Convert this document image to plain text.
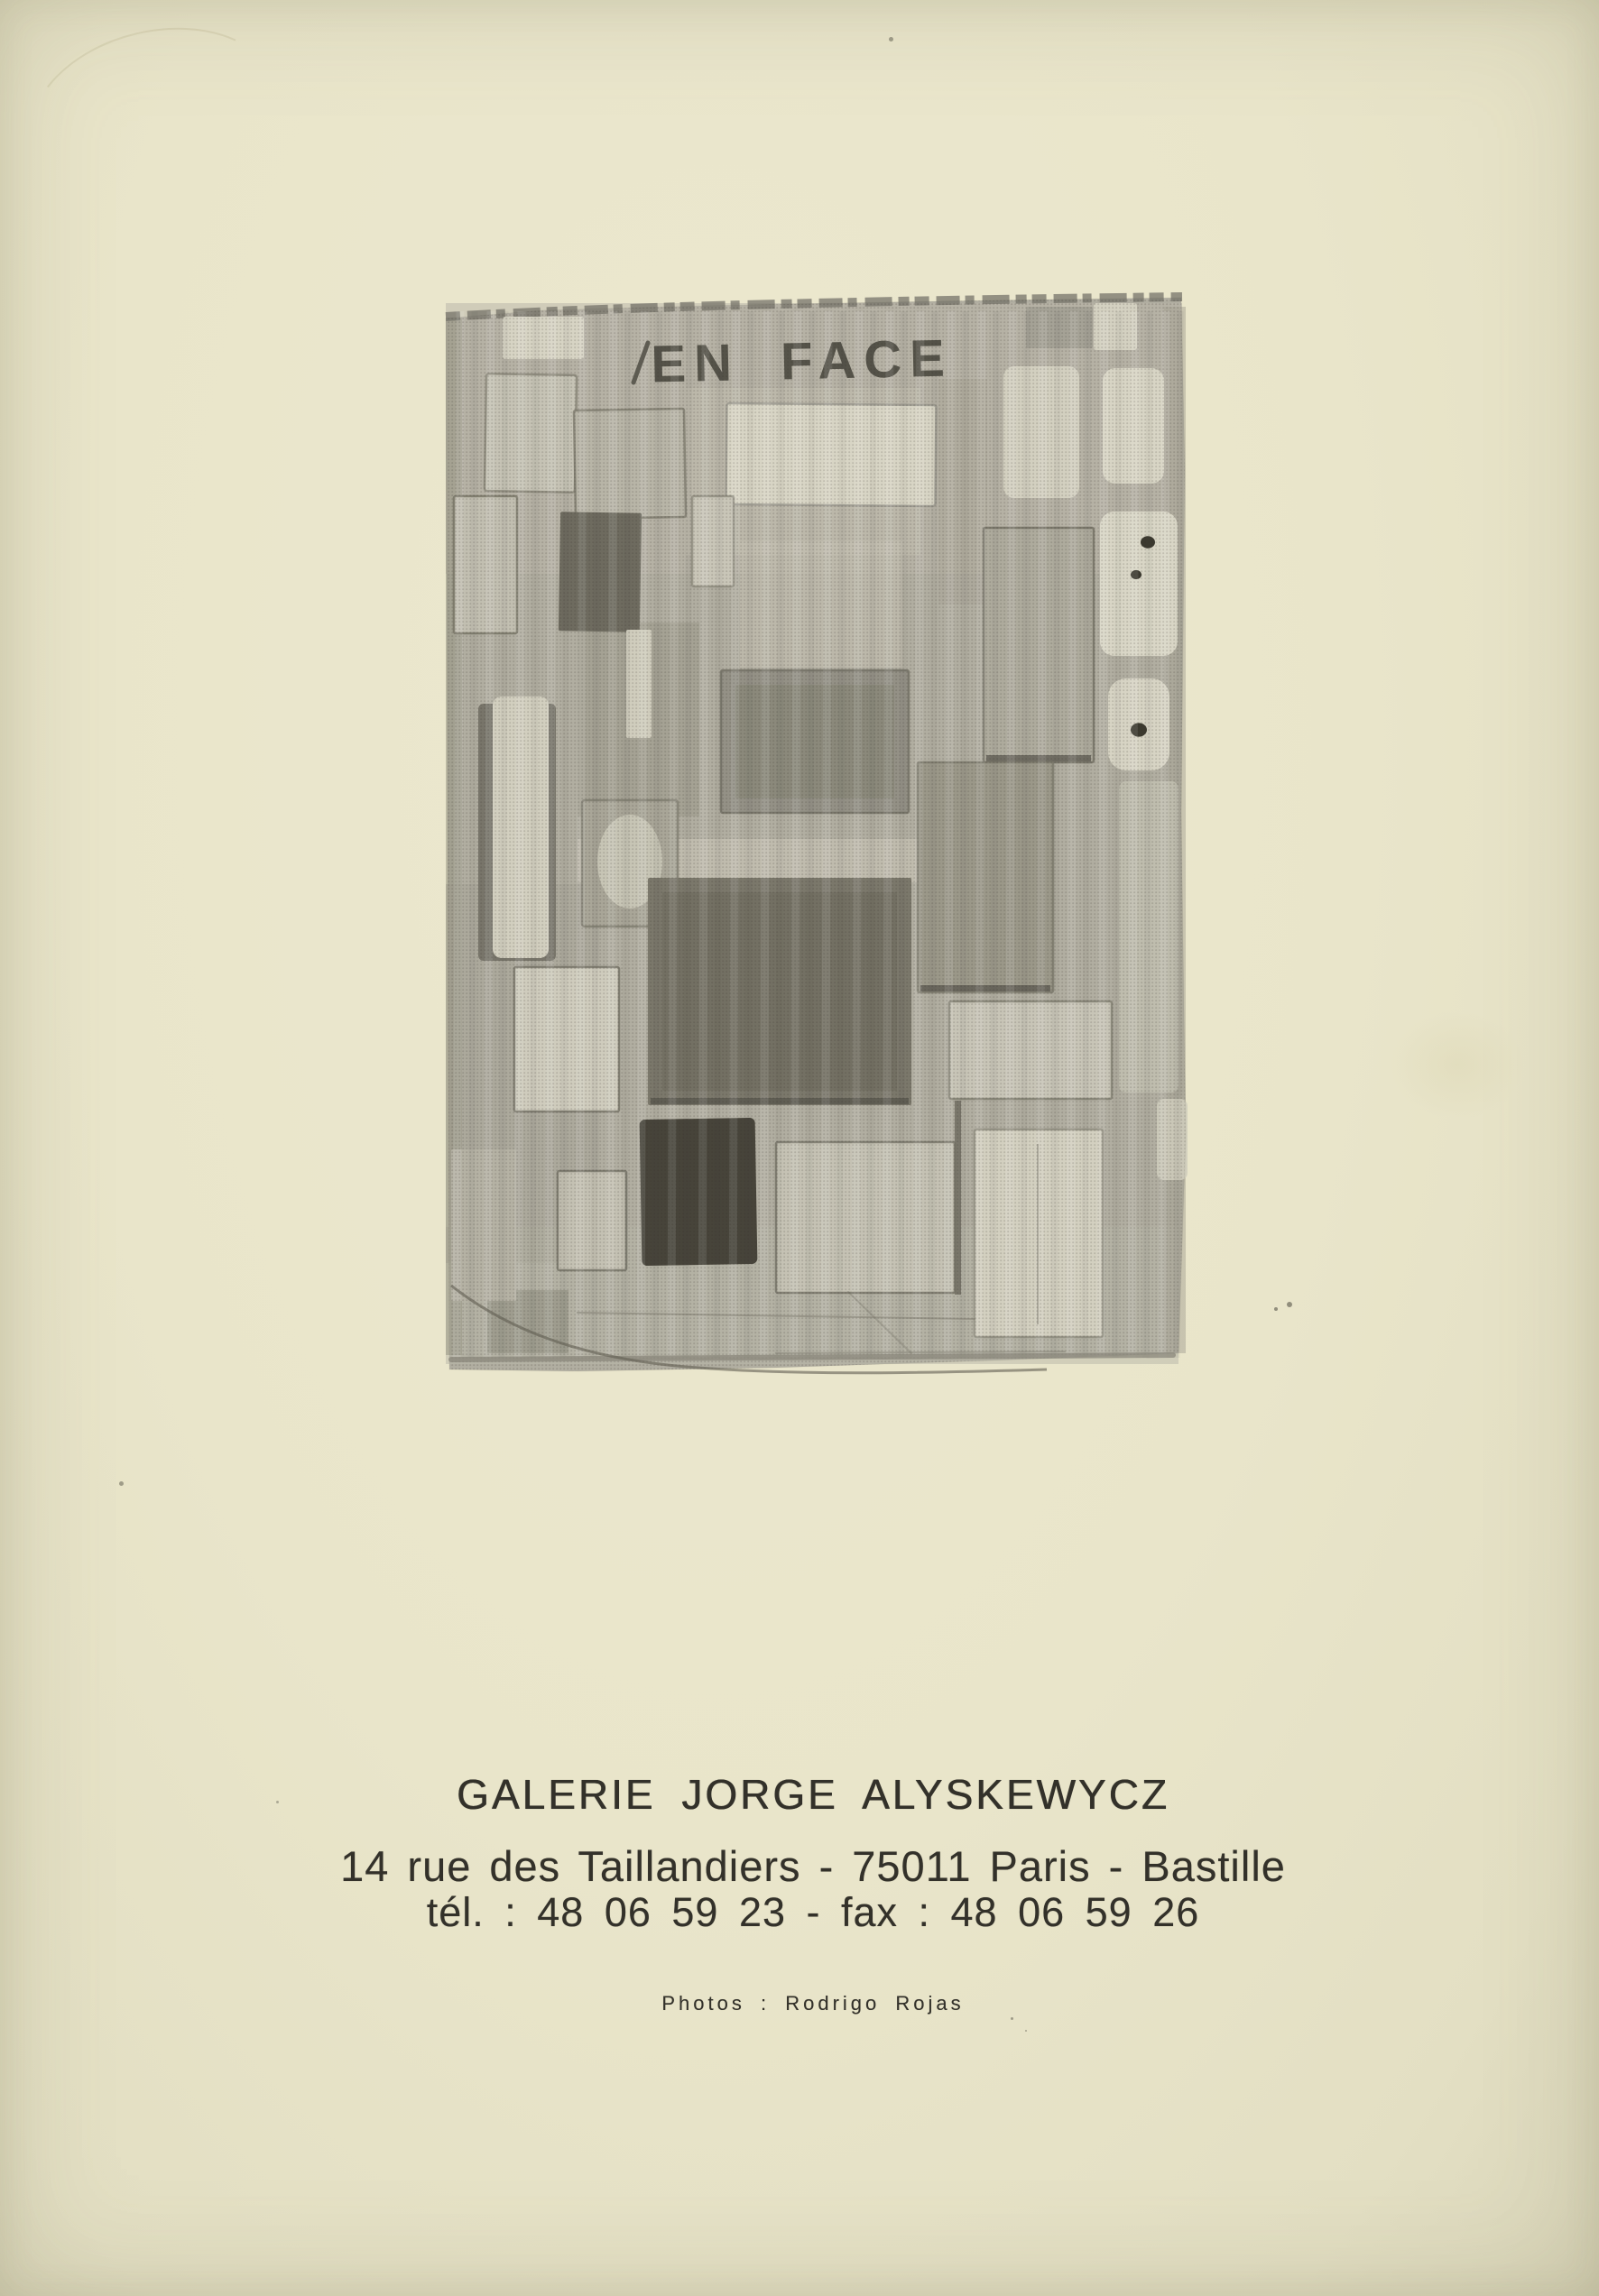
GALERIE JORGE ALYSKEWYCZ
14 rue des Taillandiers - 75011 Paris - Bastille
tél. : 48 06 59 23 - fax : 48 06 59 26
Photos : Rodrigo Rojas
